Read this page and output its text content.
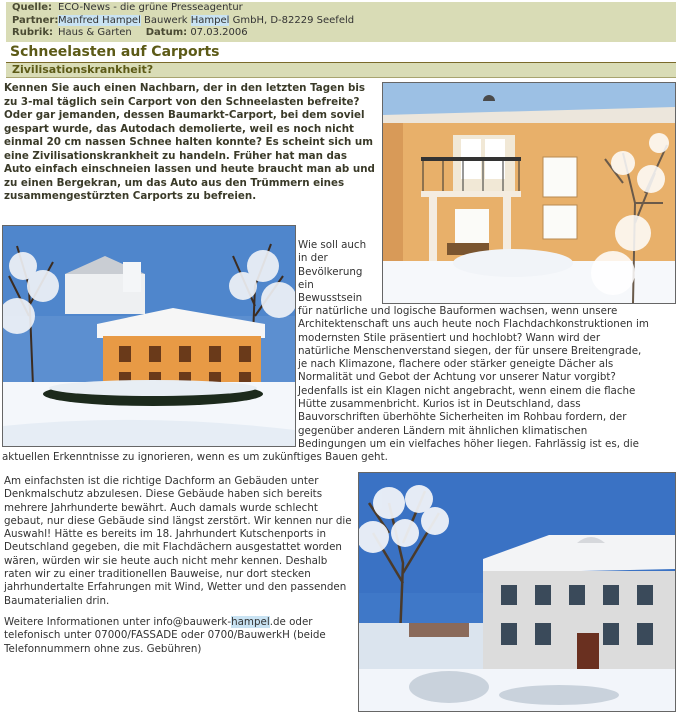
Quelle: ECO-News - die grüne Presseagentur
Partner:Manfred Hampel Bauwerk Hampel GmbH, D-82229 Seefeld
Rubrik: Haus & Garten Datum: 07.03.2006
Schneelasten auf Carports
Zivilisationskrankheit?
Kennen Sie auch einen Nachbarn, der in den letzten Tagen bis zu 3-mal täglich sein Carport von den Schneelasten befreite? Oder gar jemanden, dessen Baumarkt-Carport, bei dem soviel gespart wurde, das Autodach demolierte, weil es noch nicht einmal 20 cm nassen Schnee halten konnte? Es scheint sich um eine Zivilisationskrankheit zu handeln. Früher hat man das Auto einfach einschneien lassen und heute braucht man ab und zu einen Bergekran, um das Auto aus den Trümmern eines zusammengestürzten Carports zu befreien.
Wie soll auch
in der
Bevölkerung
ein
Bewusstsein
für natürliche und logische Bauformen wachsen, wenn unsere
Architektenschaft uns auch heute noch Flachdachkonstruktionen im
modernsten Stile präsentiert und hochlobt? Wann wird der
natürliche Menschenverstand siegen, der für unsere Breitengrade,
je nach Klimazone, flachere oder stärker geneigte Dächer als
Normalität und Gebot der Achtung vor unserer Natur vorgibt?
Jedenfalls ist ein Klagen nicht angebracht, wenn einem die flache
Hütte zusammenbricht. Kurios ist in Deutschland, dass
Bauvorschriften überhöhte Sicherheiten im Rohbau fordern, der
gegenüber anderen Ländern mit ähnlichen klimatischen
Bedingungen um ein vielfaches höher liegen. Fahrlässig ist es, die
aktuellen Erkenntnisse zu ignorieren, wenn es um zukünftiges Bauen geht.
Am einfachsten ist die richtige Dachform an Gebäuden unter Denkmalschutz abzulesen. Diese Gebäude haben sich bereits mehrere Jahrhunderte bewährt. Auch damals wurde schlecht gebaut, nur diese Gebäude sind längst zerstört. Wir kennen nur die Auswahl! Hätte es bereits im 18. Jahrhundert Kutschenports in Deutschland gegeben, die mit Flachdächern ausgestattet worden wären, würden wir sie heute auch nicht mehr kennen. Deshalb raten wir zu einer traditionellen Bauweise, nur dort stecken jahrhundertalte Erfahrungen mit Wind, Wetter und den passenden Baumaterialien drin.
Weitere Informationen unter info@bauwerk-hampel.de oder telefonisch unter 07000/FASSADE oder 0700/BauwerkH (beide Telefonnummern ohne zus. Gebühren)
